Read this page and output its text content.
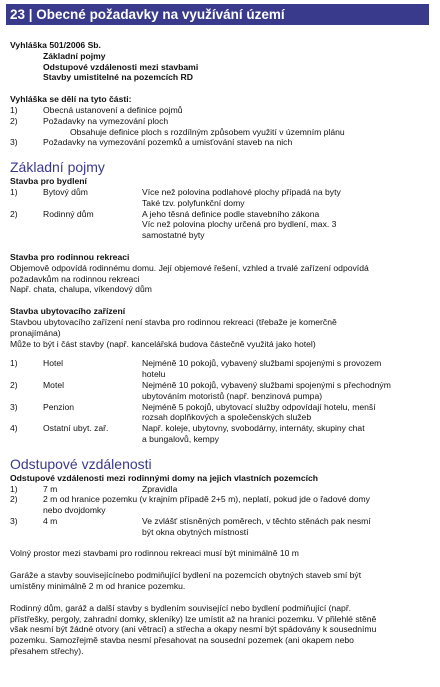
23 | Obecné požadavky na využívání území
Vyhláška 501/2006 Sb.
Základní pojmy
Odstupové vzdálenosti mezi stavbami
Stavby umistitelné na pozemcích RD
Vyhláška se dělí na tyto části:
1)	Obecná ustanovení a definice pojmů
2)	Požadavky na vymezování ploch
Obsahuje definice ploch s rozdílným způsobem využití v územním plánu
3)	Požadavky na vymezování pozemků a umisťování staveb na nich
Základní pojmy
Stavba pro bydlení
1)	Bytový dům	Více než polovina podlahové plochy případá na byty
Také tzv. polyfunkční domy
2)	Rodinný dům	A jeho těsná definice podle stavebního zákona
Víc než polovina plochy určená pro bydlení, max. 3
samostatné byty
Stavba pro rodinnou rekreaci
Objemově odpovídá rodinnému domu. Její objemové řešení, vzhled a trvalé zařízení odpovídá
požadavkům na rodinnou rekreaci
Např. chata, chalupa, víkendový dům
Stavba ubytovacího zařízení
Stavbou ubytovacího zařízení není stavba pro rodinnou rekreaci (třebaže je komerčně
pronajímána)
Může to být i část stavby (např. kancelářská budova částečně využitá jako hotel)
1)	Hotel	Nejméně 10 pokojů, vybavený službami spojenými s provozem
hotelu
2)	Motel	Nejméně 10 pokojů, vybavený službami spojenými s přechodným
ubytováním motoristů (např. benzinová pumpa)
3)	Penzion	Nejméně 5 pokojů, ubytovací služby odpovídají hotelu, menší
rozsah doplňkových a společenských služeb
4)	Ostatní ubyt. zař.	Např. koleje, ubytovny, svobodárny, internáty, skupiny chat
a bungalovů, kempy
Odstupové vzdálenosti
Odstupové vzdálenosti mezi rodinnými domy na jejich vlastních pozemcích
1)	7 m	Zpravidla
2)	2 m od hranice pozemku (v krajním případě 2+5 m), neplatí, pokud jde o řadové domy
nebo dvojdomky
3)	4 m	Ve zvlášť stísněných poměrech, v těchto stěnách pak nesmí
být okna obytných místností
Volný prostor mezi stavbami pro rodinnou rekreaci musí být minimálně 10 m
Garáže a stavby souvisejícínebo podmiňující bydlení na pozemcích obytných staveb smí být
umístěny minimálně 2 m od hranice pozemku.
Rodinný dům, garáž a další stavby s bydlením související nebo bydlení podmiňující (např.
přístřešky, pergoly, zahradní domky, skleníky) lze umístit až na hranici pozemku. V přilehlé stěně
však nesmí být žádné otvory (ani větrací) a střecha a okapy nesmí být spádovány k sousednímu
pozemku. Samozřejmě stavba nesmí přesahovat na sousední pozemek (ani okapem nebo
přesahem střechy).
